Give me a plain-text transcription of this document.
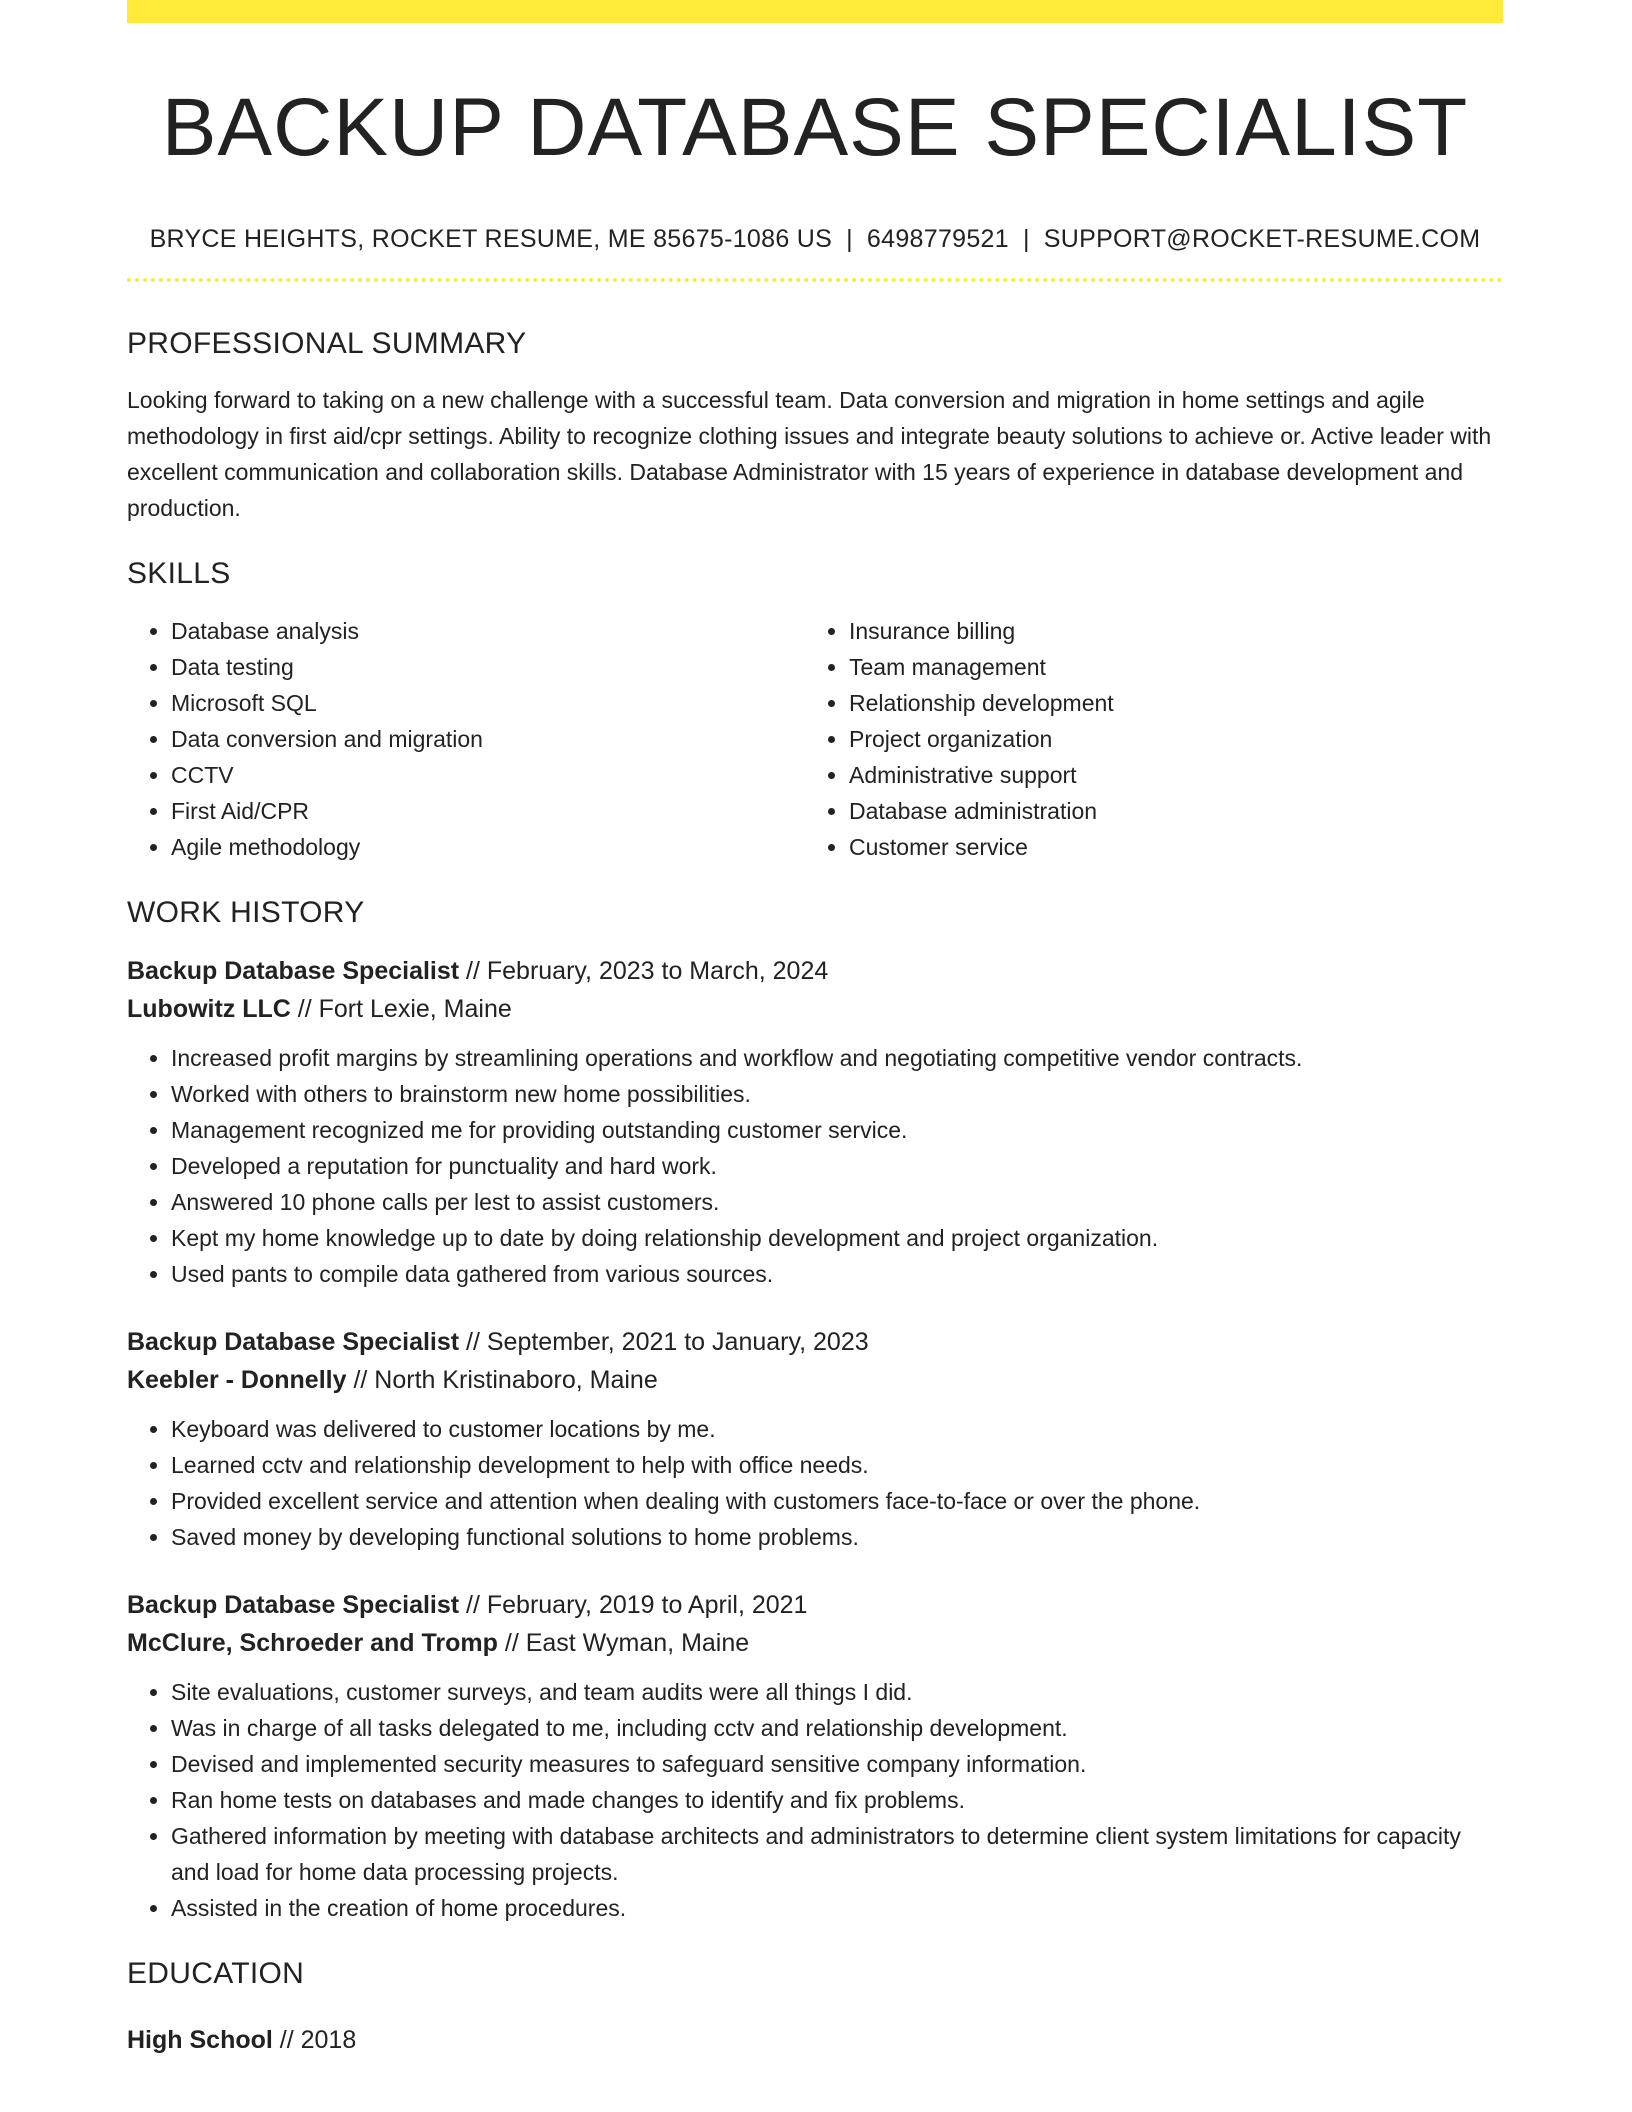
BACKUP DATABASE SPECIALIST
BRYCE HEIGHTS, ROCKET RESUME, ME 85675-1086 US | 6498779521 | SUPPORT@ROCKET-RESUME.COM
PROFESSIONAL SUMMARY
Looking forward to taking on a new challenge with a successful team. Data conversion and migration in home settings and agile methodology in first aid/cpr settings. Ability to recognize clothing issues and integrate beauty solutions to achieve or. Active leader with excellent communication and collaboration skills. Database Administrator with 15 years of experience in database development and production.
SKILLS
• Database analysis
• Data testing
• Microsoft SQL
• Data conversion and migration
• CCTV
• First Aid/CPR
• Agile methodology
• Insurance billing
• Team management
• Relationship development
• Project organization
• Administrative support
• Database administration
• Customer service
WORK HISTORY
Backup Database Specialist // February, 2023 to March, 2024
Lubowitz LLC // Fort Lexie, Maine
• Increased profit margins by streamlining operations and workflow and negotiating competitive vendor contracts.
• Worked with others to brainstorm new home possibilities.
• Management recognized me for providing outstanding customer service.
• Developed a reputation for punctuality and hard work.
• Answered 10 phone calls per lest to assist customers.
• Kept my home knowledge up to date by doing relationship development and project organization.
• Used pants to compile data gathered from various sources.
Backup Database Specialist // September, 2021 to January, 2023
Keebler - Donnelly // North Kristinaboro, Maine
• Keyboard was delivered to customer locations by me.
• Learned cctv and relationship development to help with office needs.
• Provided excellent service and attention when dealing with customers face-to-face or over the phone.
• Saved money by developing functional solutions to home problems.
Backup Database Specialist // February, 2019 to April, 2021
McClure, Schroeder and Tromp // East Wyman, Maine
• Site evaluations, customer surveys, and team audits were all things I did.
• Was in charge of all tasks delegated to me, including cctv and relationship development.
• Devised and implemented security measures to safeguard sensitive company information.
• Ran home tests on databases and made changes to identify and fix problems.
• Gathered information by meeting with database architects and administrators to determine client system limitations for capacity and load for home data processing projects.
• Assisted in the creation of home procedures.
EDUCATION
High School // 2018
